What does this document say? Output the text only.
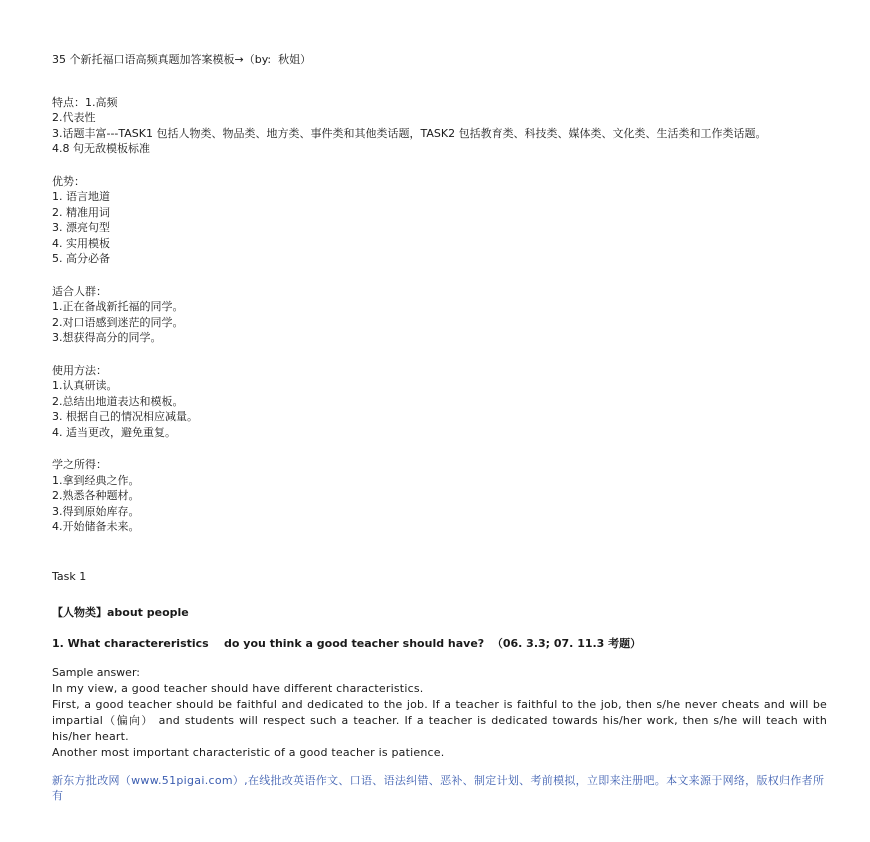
35 个新托福口语高频真题加答案模板→（by:  秋姐）
特点：1.高频
2.代表性
3.话题丰富---TASK1 包括人物类、物品类、地方类、事件类和其他类话题，TASK2 包括教育类、科技类、媒体类、文化类、生活类和工作类话题。
4.8 句无敌模板标准
优势：
1. 语言地道
2. 精准用词
3. 漂亮句型
4. 实用模板
5. 高分必备
适合人群：
1.正在备战新托福的同学。
2.对口语感到迷茫的同学。
3.想获得高分的同学。
使用方法：
1.认真研读。
2.总结出地道表达和模板。
3. 根据自己的情况相应减量。
4. 适当更改，避免重复。
学之所得：
1.拿到经典之作。
2.熟悉各种题材。
3.得到原始库存。
4.开始储备未来。
Task 1
【人物类】about people
1. What charactereristics    do you think a good teacher should have?  （06. 3.3; 07. 11.3 考题）
Sample answer:
In my view, a good teacher should have different characteristics.
First, a good teacher should be faithful and dedicated to the job. If a teacher is faithful to the job, then s/he never cheats and will be impartial（偏向） and students will respect such a teacher. If a teacher is dedicated towards his/her work, then s/he will teach with his/her heart.
Another most important characteristic of a good teacher is patience.
新东方批改网（www.51pigai.com）,在线批改英语作文、口语、语法纠错、恶补、制定计划、考前模拟，立即来注册吧。本文来源于网络，版权归作者所有
